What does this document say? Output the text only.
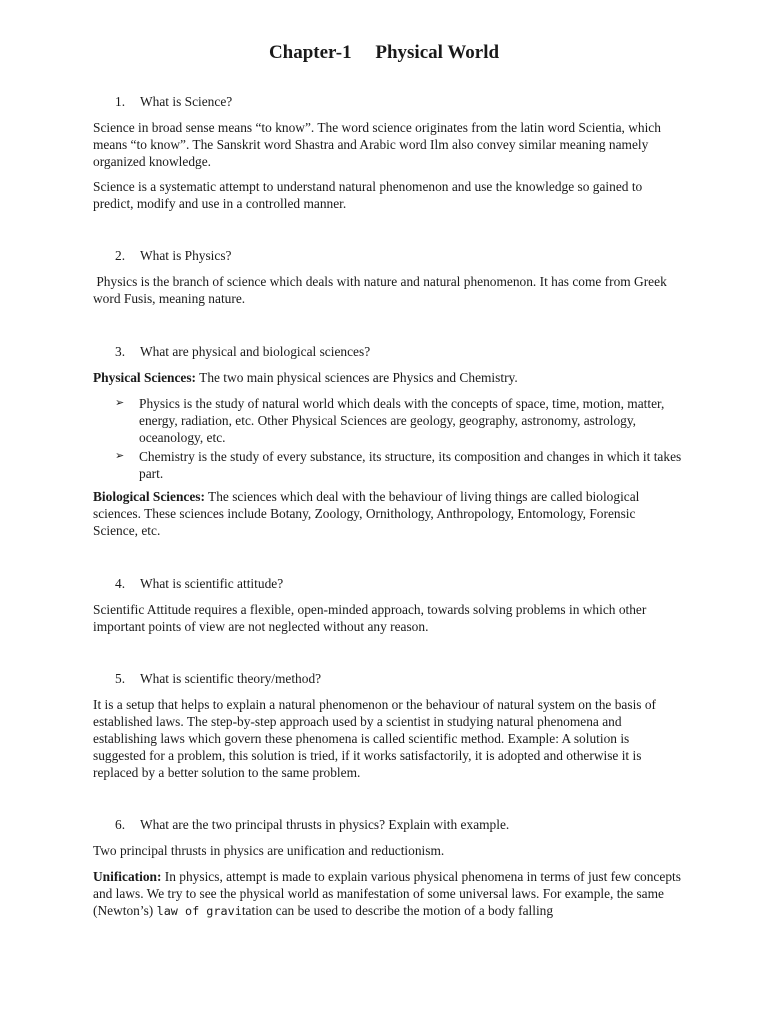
Chapter-1     Physical World

1. What is Science?

Science in broad sense means “to know”. The word science originates from the latin word Scientia, which means “to know”. The Sanskrit word Shastra and Arabic word Ilm also convey similar meaning namely organized knowledge.

Science is a systematic attempt to understand natural phenomenon and use the knowledge so gained to predict, modify and use in a controlled manner.

2. What is Physics?

Physics is the branch of science which deals with nature and natural phenomenon. It has come from Greek word Fusis, meaning nature.

3. What are physical and biological sciences?

Physical Sciences: The two main physical sciences are Physics and Chemistry.

➢ Physics is the study of natural world which deals with the concepts of space, time, motion, matter, energy, radiation, etc. Other Physical Sciences are geology, geography, astronomy, astrology, oceanology, etc.
➢ Chemistry is the study of every substance, its structure, its composition and changes in which it takes part.

Biological Sciences: The sciences which deal with the behaviour of living things are called biological sciences. These sciences include Botany, Zoology, Ornithology, Anthropology, Entomology, Forensic Science, etc.

4. What is scientific attitude?

Scientific Attitude requires a flexible, open-minded approach, towards solving problems in which other important points of view are not neglected without any reason.

5. What is scientific theory/method?

It is a setup that helps to explain a natural phenomenon or the behaviour of natural system on the basis of established laws. The step-by-step approach used by a scientist in studying natural phenomena and establishing laws which govern these phenomena is called scientific method. Example: A solution is suggested for a problem, this solution is tried, if it works satisfactorily, it is adopted and otherwise it is replaced by a better solution to the same problem.

6. What are the two principal thrusts in physics? Explain with example.

Two principal thrusts in physics are unification and reductionism.

Unification: In physics, attempt is made to explain various physical phenomena in terms of just few concepts and laws. We try to see the physical world as manifestation of some universal laws. For example, the same (Newton’s) law of gravitation can be used to describe the motion of a body falling
